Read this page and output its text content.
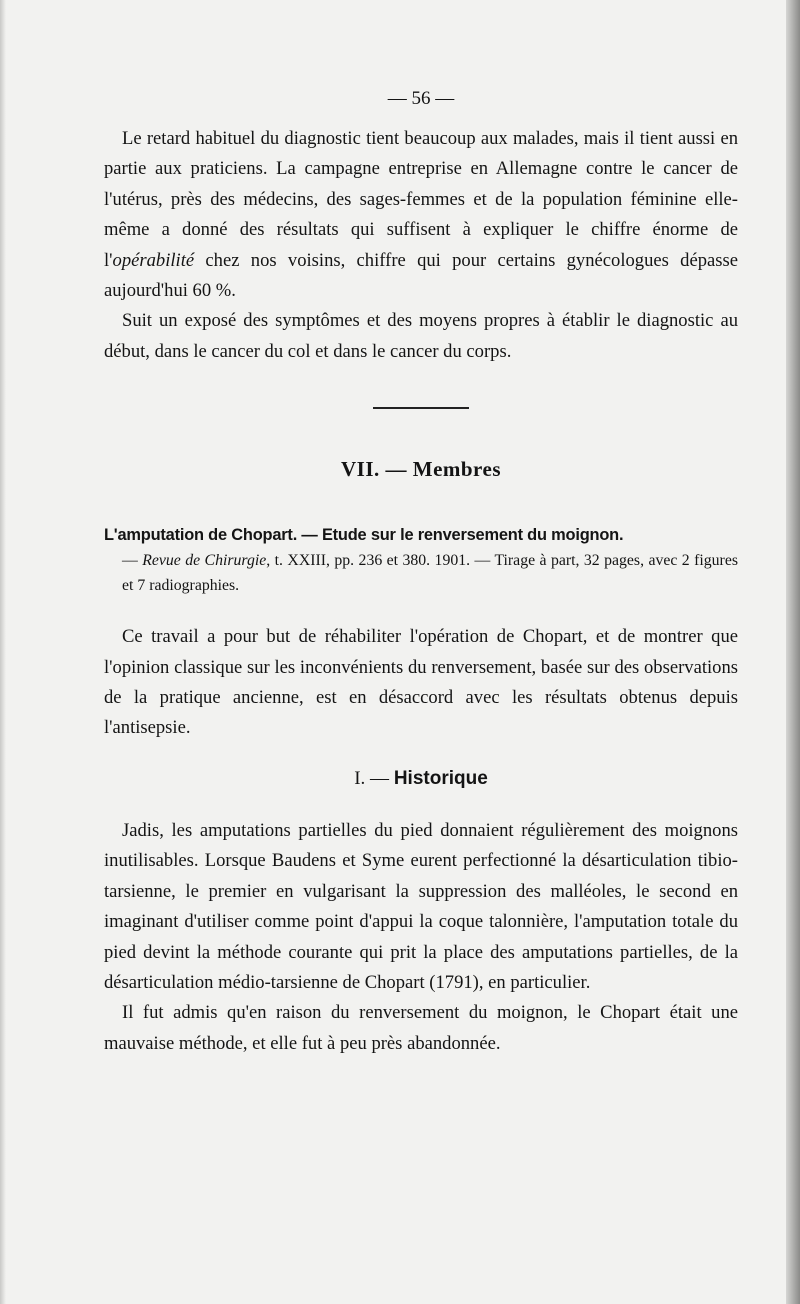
— 56 —

Le retard habituel du diagnostic tient beaucoup aux malades, mais il tient aussi en partie aux praticiens. La campagne entreprise en Allemagne contre le cancer de l'utérus, près des médecins, des sages-femmes et de la population féminine elle-même a donné des résultats qui suffisent à expliquer le chiffre énorme de l'opérabilité chez nos voisins, chiffre qui pour certains gynécologues dépasse aujourd'hui 60 %.

Suit un exposé des symptômes et des moyens propres à établir le diagnostic au début, dans le cancer du col et dans le cancer du corps.

VII. — Membres

L'amputation de Chopart. — Etude sur le renversement du moignon.

— Revue de Chirurgie, t. XXIII, pp. 236 et 380. 1901. — Tirage à part, 32 pages, avec 2 figures et 7 radiographies.

Ce travail a pour but de réhabiliter l'opération de Chopart, et de montrer que l'opinion classique sur les inconvénients du renversement, basée sur des observations de la pratique ancienne, est en désaccord avec les résultats obtenus depuis l'antisepsie.

I. — Historique

Jadis, les amputations partielles du pied donnaient régulièrement des moignons inutilisables. Lorsque Baudens et Syme eurent perfectionné la désarticulation tibio-tarsienne, le premier en vulgarisant la suppression des malléoles, le second en imaginant d'utiliser comme point d'appui la coque talonnière, l'amputation totale du pied devint la méthode courante qui prit la place des amputations partielles, de la désarticulation médio-tarsienne de Chopart (1791), en particulier.

Il fut admis qu'en raison du renversement du moignon, le Chopart était une mauvaise méthode, et elle fut à peu près abandonnée.
